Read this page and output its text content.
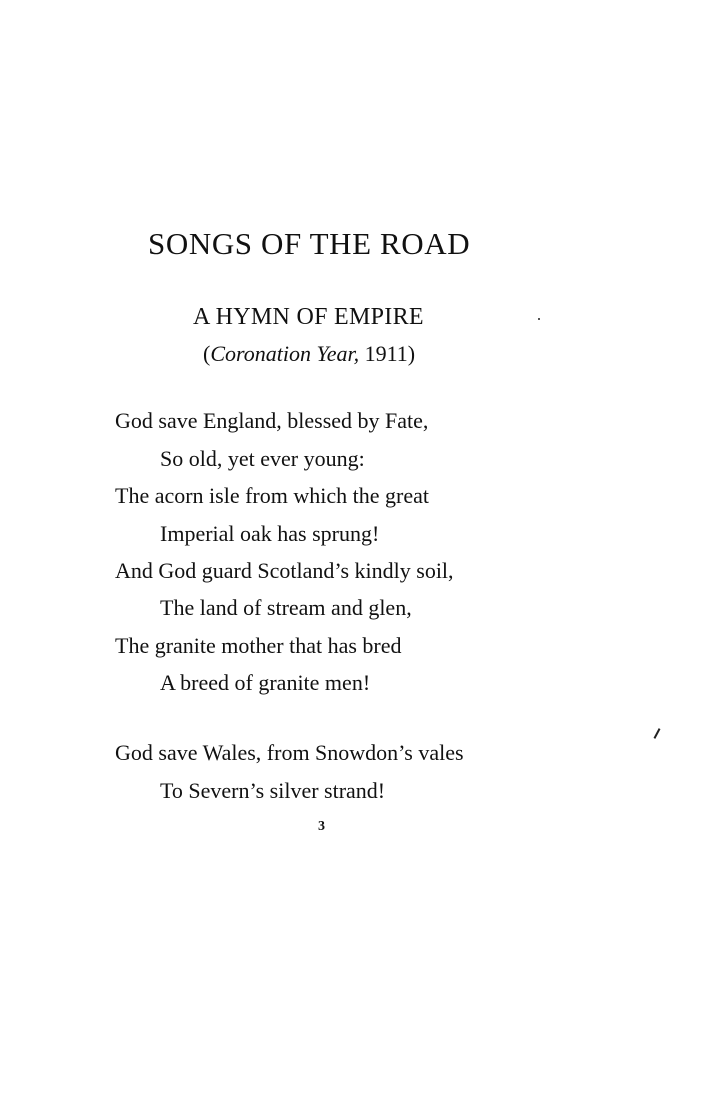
SONGS OF THE ROAD
A HYMN OF EMPIRE

(Coronation Year, 1911)

God save England, blessed by Fate,
So old, yet ever young:
The acorn isle from which the great
Imperial oak has sprung!
And God guard Scotland’s kindly soil,
The land of stream and glen,
The granite mother that has bred
A breed of granite men!
God save Wales, from Snowdon’s vales
To Severn’s silver strand!
3
